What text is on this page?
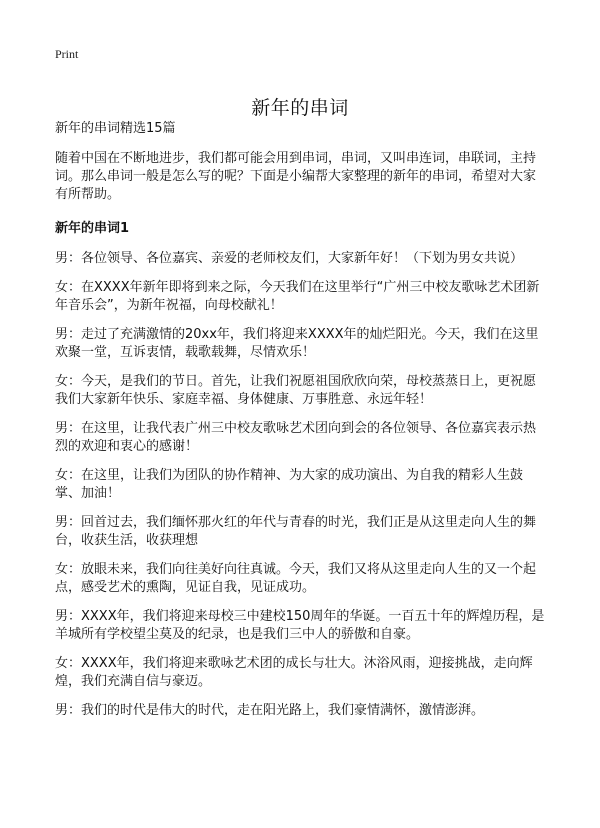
Print
新年的串词

新年的串词精选15篇

随着中国在不断地进步，我们都可能会用到串词，串词，又叫串连词，串联词，主持词。那么串词一般是怎么写的呢？下面是小编帮大家整理的新年的串词，希望对大家有所帮助。

新年的串词1

男：各位领导、各位嘉宾、亲爱的老师校友们，大家新年好！（下划为男女共说）

女：在XXXX年新年即将到来之际，今天我们在这里举行“广州三中校友歌咏艺术团新年音乐会”，为新年祝福，向母校献礼！

男：走过了充满激情的20xx年，我们将迎来XXXX年的灿烂阳光。今天，我们在这里欢聚一堂，互诉衷情，载歌载舞，尽情欢乐！

女：今天，是我们的节日。首先，让我们祝愿祖国欣欣向荣，母校蒸蒸日上，更祝愿我们大家新年快乐、家庭幸福、身体健康、万事胜意、永远年轻！

男：在这里，让我代表广州三中校友歌咏艺术团向到会的各位领导、各位嘉宾表示热烈的欢迎和衷心的感谢！

女：在这里，让我们为团队的协作精神、为大家的成功演出、为自我的精彩人生鼓掌、加油！

男：回首过去，我们缅怀那火红的年代与青春的时光，我们正是从这里走向人生的舞台，收获生活，收获理想

女：放眼未来，我们向往美好向往真诚。今天，我们又将从这里走向人生的又一个起点，感受艺术的熏陶，见证自我，见证成功。

男：XXXX年，我们将迎来母校三中建校150周年的华诞。一百五十年的辉煌历程，是羊城所有学校望尘莫及的纪录，也是我们三中人的骄傲和自豪。

女：XXXX年，我们将迎来歌咏艺术团的成长与壮大。沐浴风雨，迎接挑战，走向辉煌，我们充满自信与豪迈。

男：我们的时代是伟大的时代，走在阳光路上，我们豪情满怀，激情澎湃。
